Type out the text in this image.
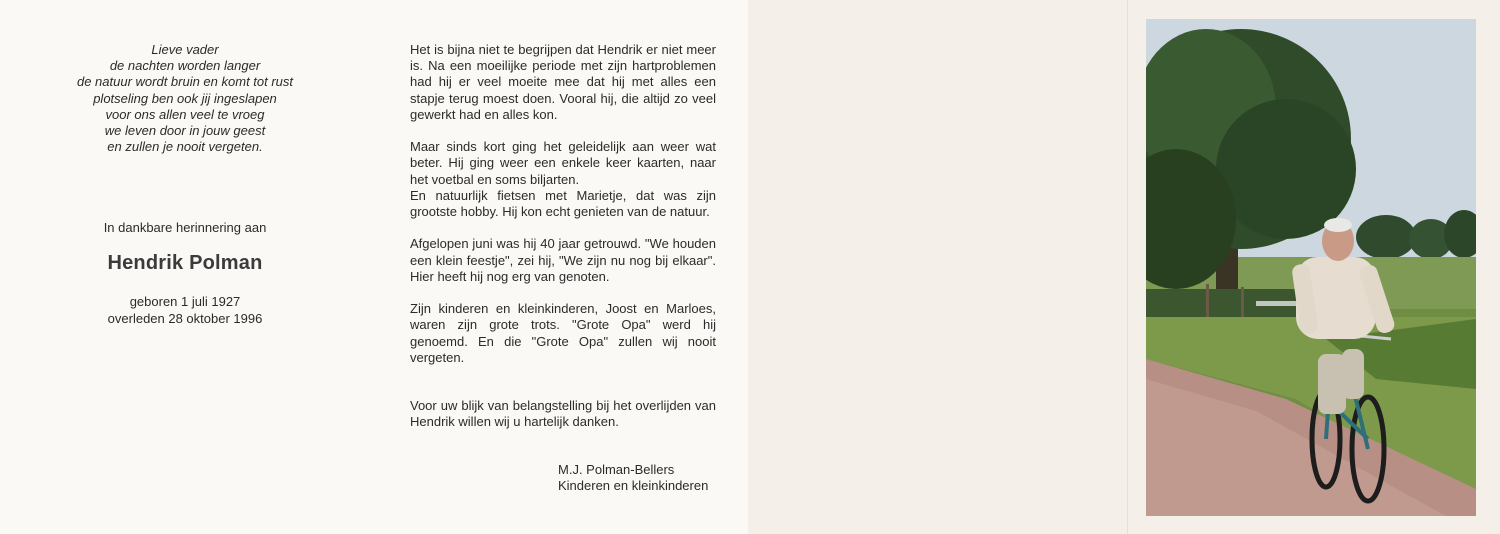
Lieve vader
de nachten worden langer
de natuur wordt bruin en komt tot rust
plotseling ben ook jij ingeslapen
voor ons allen veel te vroeg
we leven door in jouw geest
en zullen je nooit vergeten.
In dankbare herinnering aan
Hendrik Polman
geboren 1 juli 1927
overleden 28 oktober 1996

Het is bijna niet te begrijpen dat Hendrik er niet meer is. Na een moeilijke periode met zijn hartproblemen had hij er veel moeite mee dat hij met alles een stapje terug moest doen. Vooral hij, die altijd zo veel gewerkt had en alles kon.

Maar sinds kort ging het geleidelijk aan weer wat beter. Hij ging weer een enkele keer kaarten, naar het voetbal en soms biljarten.

En natuurlijk fietsen met Marietje, dat was zijn grootste hobby. Hij kon echt genieten van de natuur.

Afgelopen juni was hij 40 jaar getrouwd. "We houden een klein feestje", zei hij, "We zijn nu nog bij elkaar". Hier heeft hij nog erg van genoten.

Zijn kinderen en kleinkinderen, Joost en Marloes, waren zijn grote trots. "Grote Opa" werd hij genoemd. En die "Grote Opa" zullen wij nooit vergeten.

Voor uw blijk van belangstelling bij het overlijden van Hendrik willen wij u hartelijk danken.

M.J. Polman-Bellers
Kinderen en kleinkinderen
